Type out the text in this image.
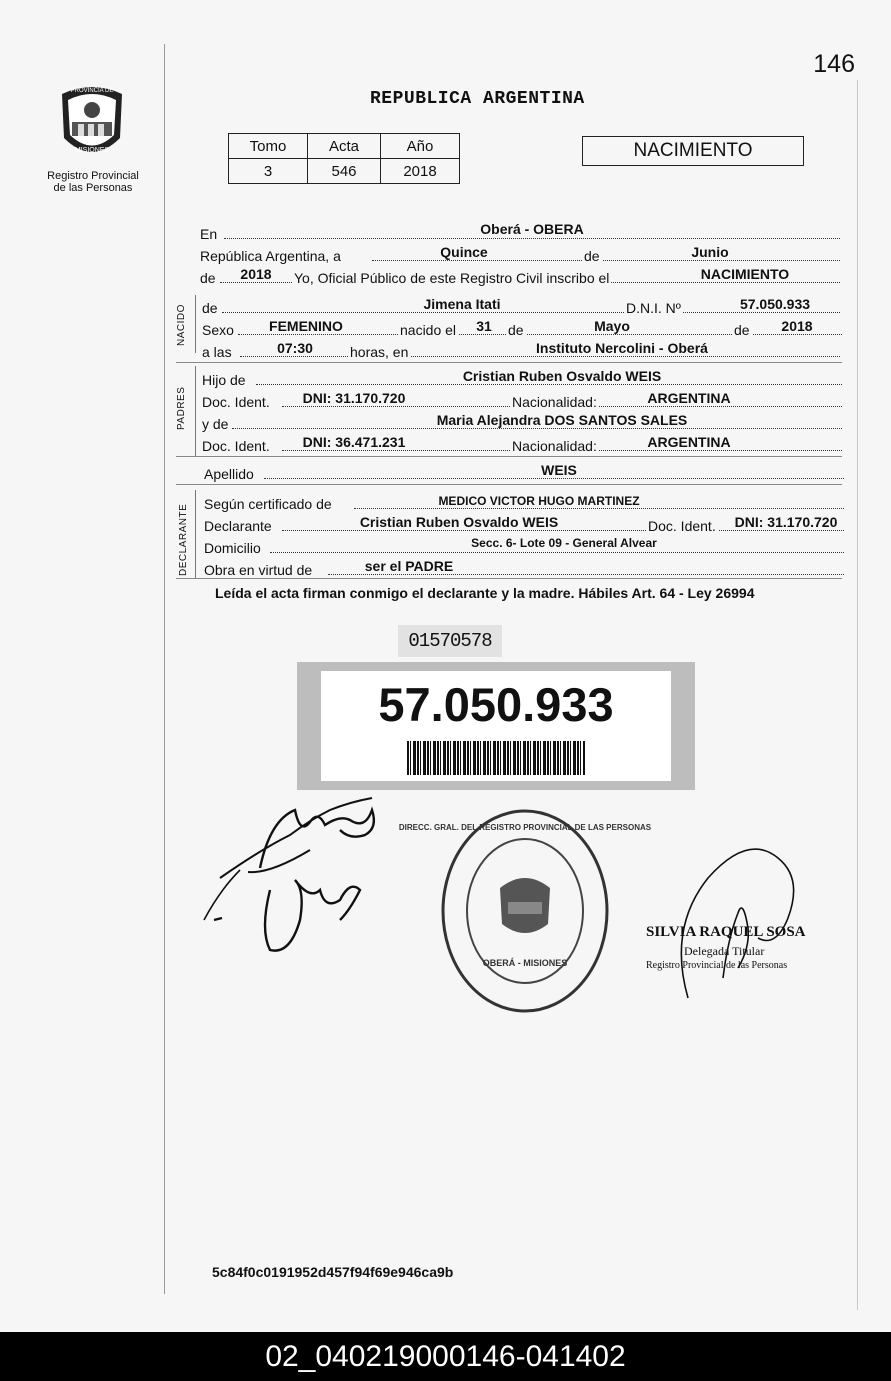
146
PROVINCIA DE
MISIONES
Registro Provincial
de las Personas
REPUBLICA ARGENTINA
Tomo	Acta	Año
3	546	2018
NACIMIENTO
En	Oberá - OBERA
República Argentina, a	Quince	de	Junio
de	2018	Yo, Oficial Público de este Registro Civil inscribo el	NACIMIENTO
NACIDO de	Jimena Itati	D.N.I. Nº	57.050.933
Sexo	FEMENINO	nacido el	31	de	Mayo	de	2018
a las	07:30	horas, en	Instituto Nercolini - Oberá
PADRES
Hijo de	Cristian Ruben Osvaldo WEIS
Doc. Ident.	DNI: 31.170.720	Nacionalidad:	ARGENTINA
y de	Maria Alejandra DOS SANTOS SALES
Doc. Ident.	DNI: 36.471.231	Nacionalidad:	ARGENTINA
Apellido	WEIS
DECLARANTE Según certificado de	MEDICO VICTOR HUGO MARTINEZ
Declarante	Cristian Ruben Osvaldo WEIS	Doc. Ident.	DNI: 31.170.720
Domicilio	Secc. 6- Lote 09 - General Alvear
Obra en virtud de	ser el PADRE
Leída el acta firman conmigo el declarante y la madre. Hábiles Art. 64 - Ley 26994
01570578
57.050.933
DIRECC. GRAL. DEL REGISTRO PROVINCIAL DE LAS PERSONAS
OBERÁ - MISIONES
SILVIA RAQUEL SOSA
Delegada Titular
Registro Provincial de las Personas
5c84f0c0191952d457f94f69e946ca9b
02_040219000146-041402
